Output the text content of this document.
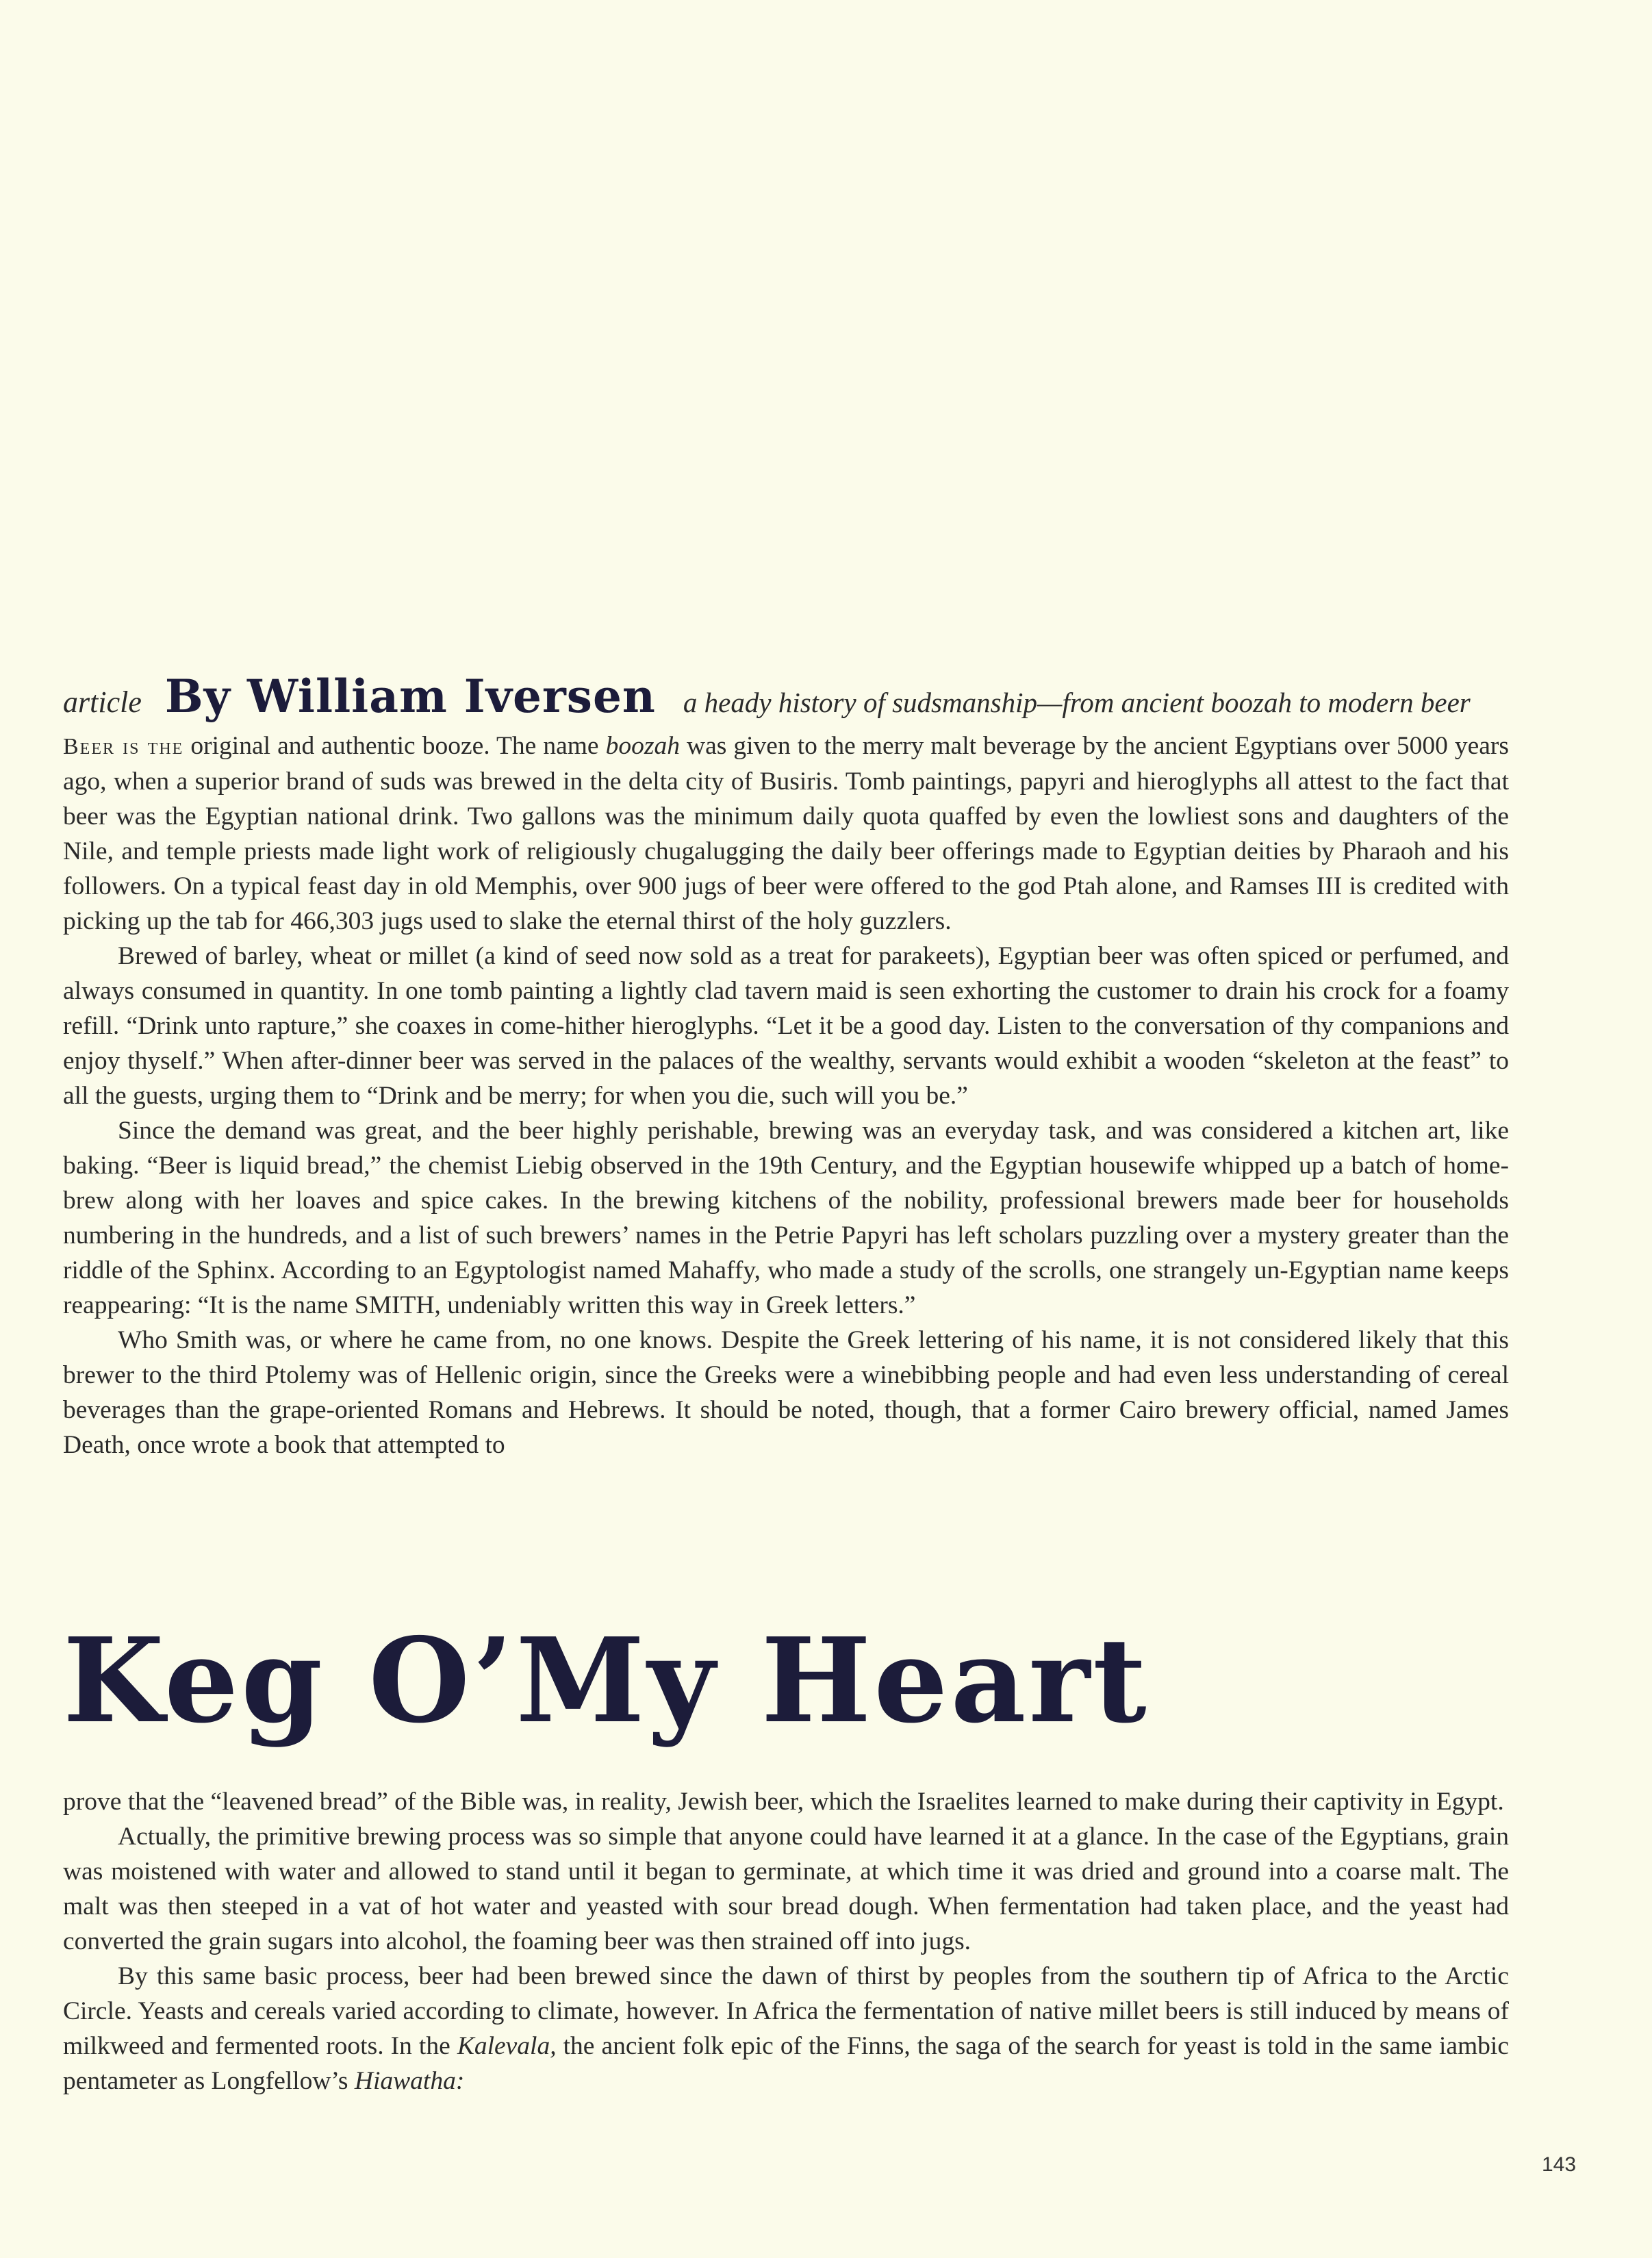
article By William Iversen a heady history of sudsmanship—from ancient boozah to modern beer

Beer is the original and authentic booze. The name boozah was given to the merry malt beverage by the ancient Egyptians over 5000 years ago, when a superior brand of suds was brewed in the delta city of Busiris. Tomb paintings, papyri and hieroglyphs all attest to the fact that beer was the Egyptian national drink. Two gallons was the minimum daily quota quaffed by even the lowliest sons and daughters of the Nile, and temple priests made light work of religiously chugalugging the daily beer offerings made to Egyptian deities by Pharaoh and his followers. On a typical feast day in old Memphis, over 900 jugs of beer were offered to the god Ptah alone, and Ramses III is credited with picking up the tab for 466,303 jugs used to slake the eternal thirst of the holy guzzlers.

Brewed of barley, wheat or millet (a kind of seed now sold as a treat for parakeets), Egyptian beer was often spiced or perfumed, and always consumed in quantity. In one tomb painting a lightly clad tavern maid is seen exhorting the customer to drain his crock for a foamy refill. “Drink unto rapture,” she coaxes in come-hither hieroglyphs. “Let it be a good day. Listen to the conversation of thy companions and enjoy thyself.” When after-dinner beer was served in the palaces of the wealthy, servants would exhibit a wooden “skeleton at the feast” to all the guests, urging them to “Drink and be merry; for when you die, such will you be.”

Since the demand was great, and the beer highly perishable, brewing was an everyday task, and was considered a kitchen art, like baking. “Beer is liquid bread,” the chemist Liebig observed in the 19th Century, and the Egyptian housewife whipped up a batch of home-brew along with her loaves and spice cakes. In the brewing kitchens of the nobility, professional brewers made beer for households numbering in the hundreds, and a list of such brewers’ names in the Petrie Papyri has left scholars puzzling over a mystery greater than the riddle of the Sphinx. According to an Egyptologist named Mahaffy, who made a study of the scrolls, one strangely un-Egyptian name keeps reappearing: “It is the name SMITH, undeniably written this way in Greek letters.”

Who Smith was, or where he came from, no one knows. Despite the Greek lettering of his name, it is not considered likely that this brewer to the third Ptolemy was of Hellenic origin, since the Greeks were a winebibbing people and had even less understanding of cereal beverages than the grape-oriented Romans and Hebrews. It should be noted, though, that a former Cairo brewery official, named James Death, once wrote a book that attempted to

Keg O’My Heart

prove that the “leavened bread” of the Bible was, in reality, Jewish beer, which the Israelites learned to make during their captivity in Egypt.

Actually, the primitive brewing process was so simple that anyone could have learned it at a glance. In the case of the Egyptians, grain was moistened with water and allowed to stand until it began to germinate, at which time it was dried and ground into a coarse malt. The malt was then steeped in a vat of hot water and yeasted with sour bread dough. When fermentation had taken place, and the yeast had converted the grain sugars into alcohol, the foaming beer was then strained off into jugs.

By this same basic process, beer had been brewed since the dawn of thirst by peoples from the southern tip of Africa to the Arctic Circle. Yeasts and cereals varied according to climate, however. In Africa the fermentation of native millet beers is still induced by means of milkweed and fermented roots. In the Kalevala, the ancient folk epic of the Finns, the saga of the search for yeast is told in the same iambic pentameter as Longfellow’s Hiawatha:

143
